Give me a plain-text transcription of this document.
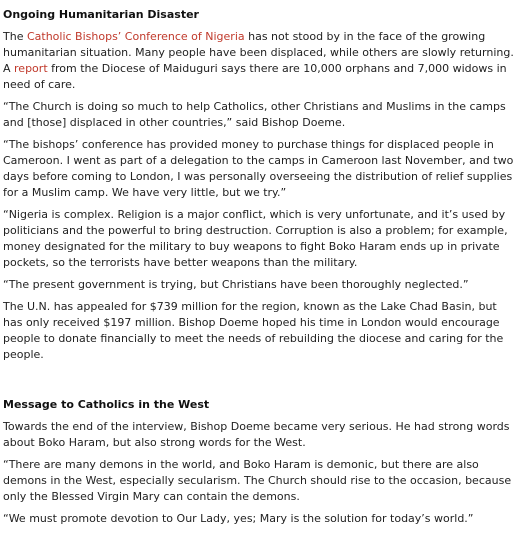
Ongoing Humanitarian Disaster

The Catholic Bishops’ Conference of Nigeria has not stood by in the face of the growing humanitarian situation. Many people have been displaced, while others are slowly returning. A report from the Diocese of Maiduguri says there are 10,000 orphans and 7,000 widows in need of care.

“The Church is doing so much to help Catholics, other Christians and Muslims in the camps and [those] displaced in other countries,” said Bishop Doeme.

“The bishops’ conference has provided money to purchase things for displaced people in Cameroon. I went as part of a delegation to the camps in Cameroon last November, and two days before coming to London, I was personally overseeing the distribution of relief supplies for a Muslim camp. We have very little, but we try.”

“Nigeria is complex. Religion is a major conflict, which is very unfortunate, and it’s used by politicians and the powerful to bring destruction. Corruption is also a problem; for example, money designated for the military to buy weapons to fight Boko Haram ends up in private pockets, so the terrorists have better weapons than the military.

“The present government is trying, but Christians have been thoroughly neglected.”

The U.N. has appealed for $739 million for the region, known as the Lake Chad Basin, but has only received $197 million. Bishop Doeme hoped his time in London would encourage people to donate financially to meet the needs of rebuilding the diocese and caring for the people.

Message to Catholics in the West

Towards the end of the interview, Bishop Doeme became very serious. He had strong words about Boko Haram, but also strong words for the West.

“There are many demons in the world, and Boko Haram is demonic, but there are also demons in the West, especially secularism. The Church should rise to the occasion, because only the Blessed Virgin Mary can contain the demons.

“We must promote devotion to Our Lady, yes; Mary is the solution for today’s world.”
